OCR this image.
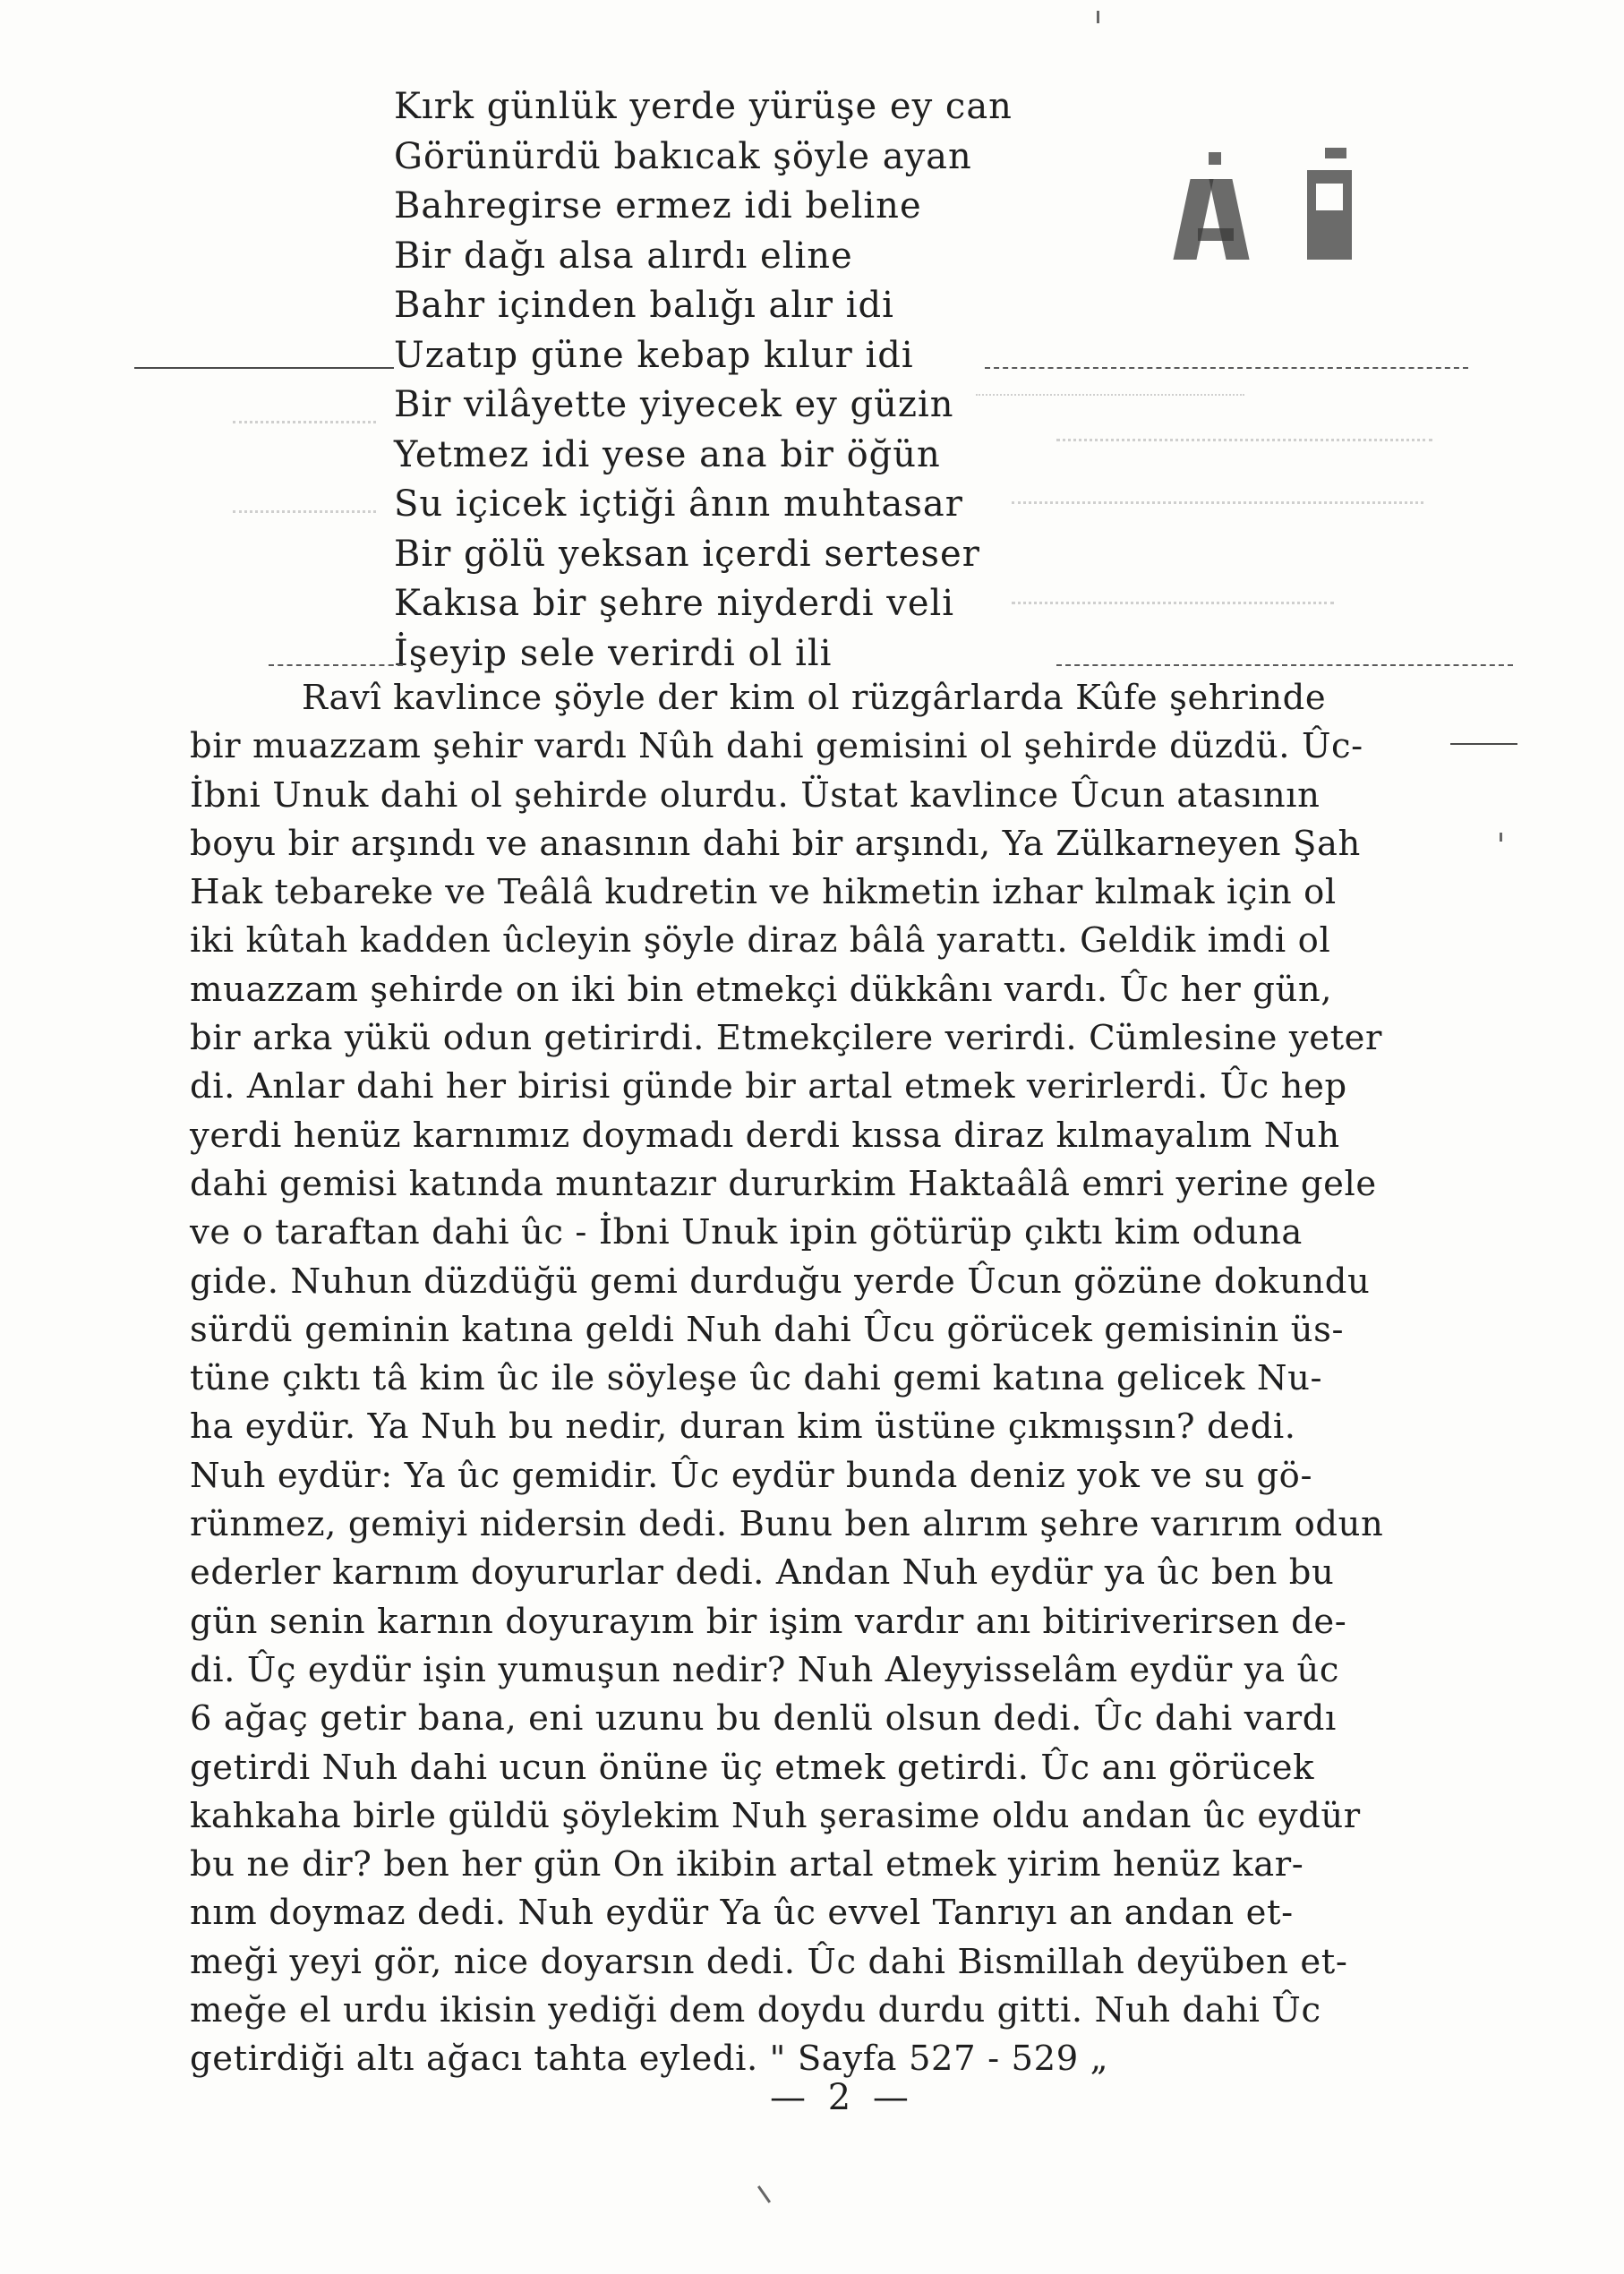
Kırk günlük yerde yürüşe ey can
Görünürdü bakıcak şöyle ayan
Bahregirse ermez idi beline
Bir dağı alsa alırdı eline
Bahr içinden balığı alır idi
Uzatıp güne kebap kılur idi
Bir vilâyette yiyecek ey güzin
Yetmez idi yese ana bir öğün
Su içicek içtiği ânın muhtasar
Bir gölü yeksan içerdi serteser
Kakısa bir şehre niyderdi veli
İşeyip sele verirdi ol ili
Ravî kavlince şöyle der kim ol rüzgârlarda Kûfe şehrinde
bir muazzam şehir vardı Nûh dahi gemisini ol şehirde düzdü. Ûc-
İbni Unuk dahi ol şehirde olurdu. Üstat kavlince Ûcun atasının
boyu bir arşındı ve anasının dahi bir arşındı, Ya Zülkarneyen Şah
Hak tebareke ve Teâlâ kudretin ve hikmetin izhar kılmak için ol
iki kûtah kadden ûcleyin şöyle diraz bâlâ yarattı. Geldik imdi ol
muazzam şehirde on iki bin etmekçi dükkânı vardı. Ûc her gün,
bir arka yükü odun getirirdi. Etmekçilere verirdi. Cümlesine yeter
di. Anlar dahi her birisi günde bir artal etmek verirlerdi. Ûc hep
yerdi henüz karnımız doymadı derdi kıssa diraz kılmayalım Nuh
dahi gemisi katında muntazır dururkim Haktaâlâ emri yerine gele
ve o taraftan dahi ûc - İbni Unuk ipin götürüp çıktı kim oduna
gide. Nuhun düzdüğü gemi durduğu yerde Ûcun gözüne dokundu
sürdü geminin katına geldi Nuh dahi Ûcu görücek gemisinin üs-
tüne çıktı tâ kim ûc ile söyleşe ûc dahi gemi katına gelicek Nu-
ha eydür. Ya Nuh bu nedir, duran kim üstüne çıkmışsın? dedi.
Nuh eydür: Ya ûc gemidir. Ûc eydür bunda deniz yok ve su gö-
rünmez, gemiyi nidersin dedi. Bunu ben alırım şehre varırım odun
ederler karnım doyururlar dedi. Andan Nuh eydür ya ûc ben bu
gün senin karnın doyurayım bir işim vardır anı bitiriverirsen de-
di. Ûç eydür işin yumuşun nedir? Nuh Aleyyisselâm eydür ya ûc
6 ağaç getir bana, eni uzunu bu denlü olsun dedi. Ûc dahi vardı
getirdi Nuh dahi ucun önüne üç etmek getirdi. Ûc anı görücek
kahkaha birle güldü şöylekim Nuh şerasime oldu andan ûc eydür
bu ne dir? ben her gün On ikibin artal etmek yirim henüz kar-
nım doymaz dedi. Nuh eydür Ya ûc evvel Tanrıyı an andan et-
meği yeyi gör, nice doyarsın dedi. Ûc dahi Bismillah deyüben et-
meğe el urdu ikisin yediği dem doydu durdu gitti. Nuh dahi Ûc
getirdiği altı ağacı tahta eyledi. " Sayfa 527 - 529 „
— 2 —
